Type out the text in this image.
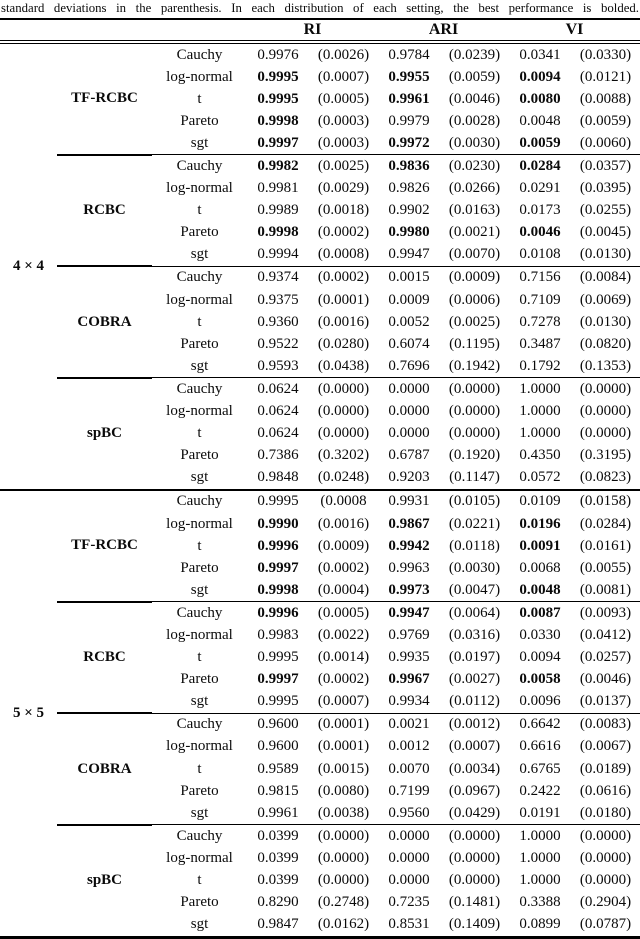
standard deviations in the parenthesis. In each distribution of each setting, the best performance is bolded.
			RI		ARI		VI	
4 × 4	TF-RCBC	Cauchy	0.9976	(0.0026)	0.9784	(0.0239)	0.0341	(0.0330)
		log-normal	0.9995	(0.0007)	0.9955	(0.0059)	0.0094	(0.0121)
		t	0.9995	(0.0005)	0.9961	(0.0046)	0.0080	(0.0088)
		Pareto	0.9998	(0.0003)	0.9979	(0.0028)	0.0048	(0.0059)
		sgt	0.9997	(0.0003)	0.9972	(0.0030)	0.0059	(0.0060)
	RCBC	Cauchy	0.9982	(0.0025)	0.9836	(0.0230)	0.0284	(0.0357)
		log-normal	0.9981	(0.0029)	0.9826	(0.0266)	0.0291	(0.0395)
		t	0.9989	(0.0018)	0.9902	(0.0163)	0.0173	(0.0255)
		Pareto	0.9998	(0.0002)	0.9980	(0.0021)	0.0046	(0.0045)
		sgt	0.9994	(0.0008)	0.9947	(0.0070)	0.0108	(0.0130)
	COBRA	Cauchy	0.9374	(0.0002)	0.0015	(0.0009)	0.7156	(0.0084)
		log-normal	0.9375	(0.0001)	0.0009	(0.0006)	0.7109	(0.0069)
		t	0.9360	(0.0016)	0.0052	(0.0025)	0.7278	(0.0130)
		Pareto	0.9522	(0.0280)	0.6074	(0.1195)	0.3487	(0.0820)
		sgt	0.9593	(0.0438)	0.7696	(0.1942)	0.1792	(0.1353)
	spBC	Cauchy	0.0624	(0.0000)	0.0000	(0.0000)	1.0000	(0.0000)
		log-normal	0.0624	(0.0000)	0.0000	(0.0000)	1.0000	(0.0000)
		t	0.0624	(0.0000)	0.0000	(0.0000)	1.0000	(0.0000)
		Pareto	0.7386	(0.3202)	0.6787	(0.1920)	0.4350	(0.3195)
		sgt	0.9848	(0.0248)	0.9203	(0.1147)	0.0572	(0.0823)
5 × 5	TF-RCBC	Cauchy	0.9995	(0.0008	0.9931	(0.0105)	0.0109	(0.0158)
		log-normal	0.9990	(0.0016)	0.9867	(0.0221)	0.0196	(0.0284)
		t	0.9996	(0.0009)	0.9942	(0.0118)	0.0091	(0.0161)
		Pareto	0.9997	(0.0002)	0.9963	(0.0030)	0.0068	(0.0055)
		sgt	0.9998	(0.0004)	0.9973	(0.0047)	0.0048	(0.0081)
	RCBC	Cauchy	0.9996	(0.0005)	0.9947	(0.0064)	0.0087	(0.0093)
		log-normal	0.9983	(0.0022)	0.9769	(0.0316)	0.0330	(0.0412)
		t	0.9995	(0.0014)	0.9935	(0.0197)	0.0094	(0.0257)
		Pareto	0.9997	(0.0002)	0.9967	(0.0027)	0.0058	(0.0046)
		sgt	0.9995	(0.0007)	0.9934	(0.0112)	0.0096	(0.0137)
	COBRA	Cauchy	0.9600	(0.0001)	0.0021	(0.0012)	0.6642	(0.0083)
		log-normal	0.9600	(0.0001)	0.0012	(0.0007)	0.6616	(0.0067)
		t	0.9589	(0.0015)	0.0070	(0.0034)	0.6765	(0.0189)
		Pareto	0.9815	(0.0080)	0.7199	(0.0967)	0.2422	(0.0616)
		sgt	0.9961	(0.0038)	0.9560	(0.0429)	0.0191	(0.0180)
	spBC	Cauchy	0.0399	(0.0000)	0.0000	(0.0000)	1.0000	(0.0000)
		log-normal	0.0399	(0.0000)	0.0000	(0.0000)	1.0000	(0.0000)
		t	0.0399	(0.0000)	0.0000	(0.0000)	1.0000	(0.0000)
		Pareto	0.8290	(0.2748)	0.7235	(0.1481)	0.3388	(0.2904)
		sgt	0.9847	(0.0162)	0.8531	(0.1409)	0.0899	(0.0787)
